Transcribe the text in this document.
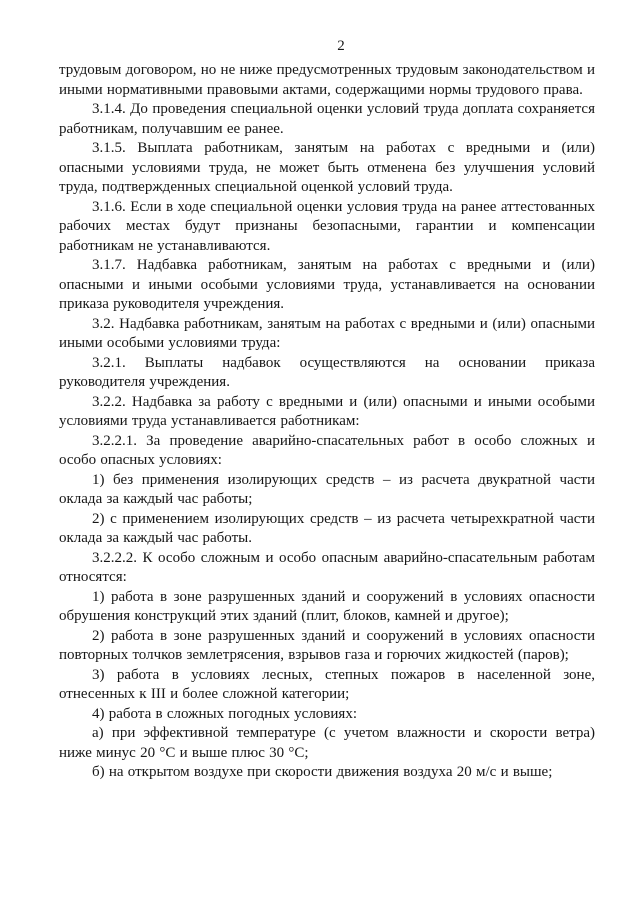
2

трудовым договором, но не ниже предусмотренных трудовым законодательством и иными нормативными правовыми актами, содержащими нормы трудового права.

3.1.4. До проведения специальной оценки условий труда доплата сохраняется работникам, получавшим ее ранее.

3.1.5. Выплата работникам, занятым на работах с вредными и (или) опасными условиями труда, не может быть отменена без улучшения условий труда, подтвержденных специальной оценкой условий труда.

3.1.6. Если в ходе специальной оценки условия труда на ранее аттестованных рабочих местах будут признаны безопасными, гарантии и компенсации работникам не устанавливаются.

3.1.7. Надбавка работникам, занятым на работах с вредными и (или) опасными и иными особыми условиями труда, устанавливается на основании приказа руководителя учреждения.

3.2. Надбавка работникам, занятым на работах с вредными и (или) опасными иными особыми условиями труда:

3.2.1. Выплаты надбавок осуществляются на основании приказа руководителя учреждения.

3.2.2. Надбавка за работу с вредными и (или) опасными и иными особыми условиями труда устанавливается работникам:

3.2.2.1. За проведение аварийно-спасательных работ в особо сложных и особо опасных условиях:

1) без применения изолирующих средств – из расчета двукратной части оклада за каждый час работы;

2) с применением изолирующих средств – из расчета четырехкратной части оклада за каждый час работы.

3.2.2.2. К особо сложным и особо опасным аварийно-спасательным работам относятся:

1) работа в зоне разрушенных зданий и сооружений в условиях опасности обрушения конструкций этих зданий (плит, блоков, камней и другое);

2) работа в зоне разрушенных зданий и сооружений в условиях опасности повторных толчков землетрясения, взрывов газа и горючих жидкостей (паров);

3) работа в условиях лесных, степных пожаров в населенной зоне, отнесенных к III и более сложной категории;

4) работа в сложных погодных условиях:

а) при эффективной температуре (с учетом влажности и скорости ветра) ниже минус 20 °С и выше плюс 30 °С;

б) на открытом воздухе при скорости движения воздуха 20 м/с и выше;
